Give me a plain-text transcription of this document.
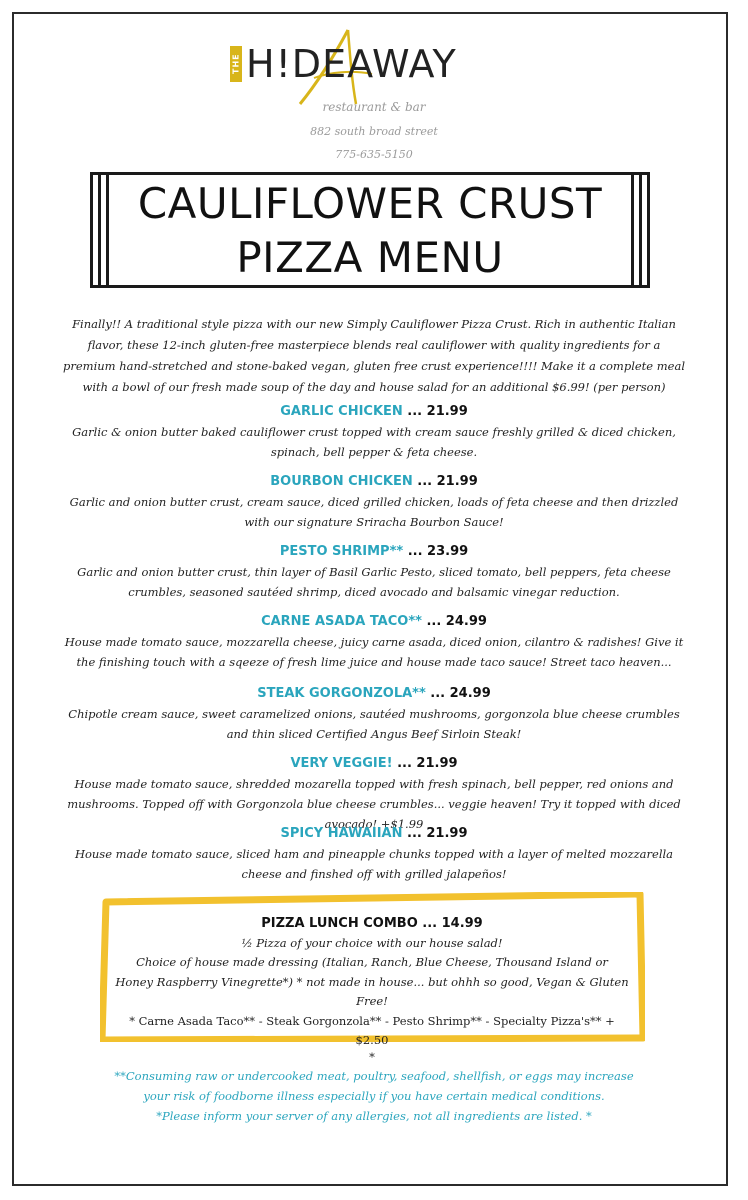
THE H!DEAWAY
restaurant & bar
882 south broad street
775-635-5150
CAULIFLOWER CRUST
PIZZA MENU
Finally!! A traditional style pizza with our new Simply Cauliflower Pizza Crust. Rich in authentic Italian flavor, these 12-inch gluten-free masterpiece blends real cauliflower with quality ingredients for a premium hand-stretched and stone-baked vegan, gluten free crust experience!!!! Make it a complete meal with a bowl of our fresh made soup of the day and house salad for an additional $6.99! (per person)
GARLIC CHICKEN ... 21.99
Garlic & onion butter baked cauliflower crust topped with cream sauce freshly grilled & diced chicken, spinach, bell pepper & feta cheese.
BOURBON CHICKEN ... 21.99
Garlic and onion butter crust, cream sauce, diced grilled chicken, loads of feta cheese and then drizzled with our signature Sriracha Bourbon Sauce!
PESTO SHRIMP** ... 23.99
Garlic and onion butter crust, thin layer of Basil Garlic Pesto, sliced tomato, bell peppers, feta cheese crumbles, seasoned sautéed shrimp, diced avocado and balsamic vinegar reduction.
CARNE ASADA TACO** ... 24.99
House made tomato sauce, mozzarella cheese, juicy carne asada, diced onion, cilantro & radishes! Give it the finishing touch with a sqeeze of fresh lime juice and house made taco sauce! Street taco heaven...
STEAK GORGONZOLA** ... 24.99
Chipotle cream sauce, sweet caramelized onions, sautéed mushrooms, gorgonzola blue cheese crumbles and thin sliced Certified Angus Beef Sirloin Steak!
VERY VEGGIE! ... 21.99
House made tomato sauce, shredded mozarella topped with fresh spinach, bell pepper, red onions and mushrooms. Topped off with Gorgonzola blue cheese crumbles... veggie heaven! Try it topped with diced avocado! +$1.99
SPICY HAWAIIAN ... 21.99
House made tomato sauce, sliced ham and pineapple chunks topped with a layer of melted mozzarella cheese and finshed off with grilled jalapeños!
PIZZA LUNCH COMBO ... 14.99
½ Pizza of your choice with our house salad!
Choice of house made dressing (Italian, Ranch, Blue Cheese, Thousand Island or
Honey Raspberry Vinegrette*) * not made in house... but ohhh so good, Vegan & Gluten Free!
* Carne Asada Taco** - Steak Gorgonzola** - Pesto Shrimp** - Specialty Pizza's** + $2.50
*
**Consuming raw or undercooked meat, poultry, seafood, shellfish, or eggs may increase
your risk of foodborne illness especially if you have certain medical conditions.
*Please inform your server of any allergies, not all ingredients are listed. *
